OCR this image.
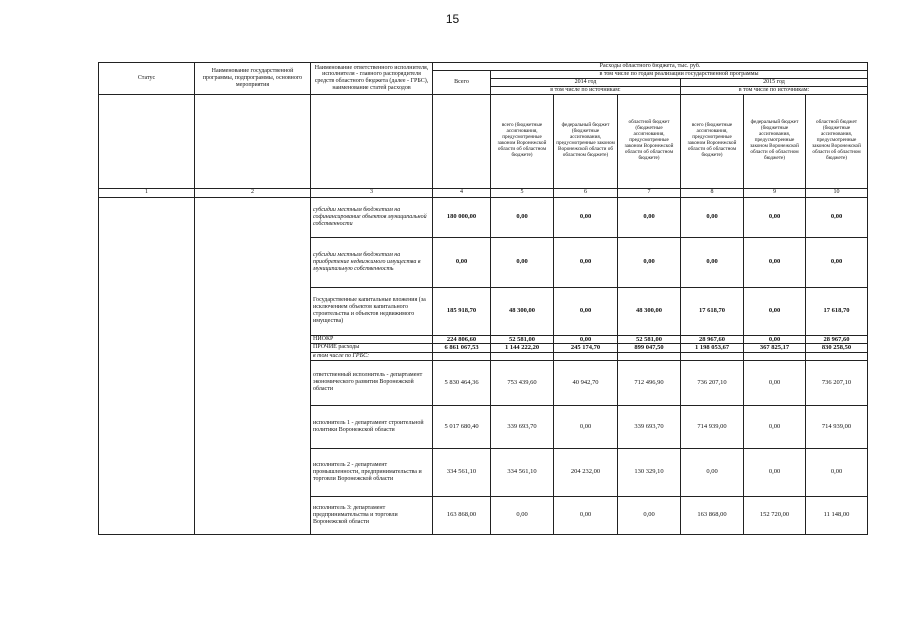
15
Статус	Наименование государственной программы, подпрограммы, основного мероприятия	Наименование ответственного исполнителя, исполнителя - главного распорядителя средств областного бюджета (далее - ГРБС), наименование статей расходов	Расходы областного бюджета, тыс. руб.						
			Всего	в том числе по годам реализации государственной программы					
				2014 год			2015 год		
				в том числе по источникам:			в том числе по источникам:		
				всего (бюджетные ассигнования, предусмотренные законом Воронежской области об областном бюджете)	федеральный бюджет (бюджетные ассигнования, предусмотренные законом Воронежской области об областном бюджете)	областной бюджет (бюджетные ассигнования, предусмотренные законом Воронежской области об областном бюджете)	всего (бюджетные ассигнования, предусмотренные законом Воронежской области об областном бюджете)	федеральный бюджет (бюджетные ассигнования, предусмотренные законом Воронежской области об областном бюджете)	областной бюджет (бюджетные ассигнования, предусмотренные законом Воронежской области об областном бюджете)
1	2	3	4	5	6	7	8	9	10
		субсидии местным бюджетам на софинансирование объектов муниципальной собственности	180 000,00	0,00	0,00	0,00	0,00	0,00	0,00
		субсидии местным бюджетам на приобретение недвижимого имущества в муниципальную собственность	0,00	0,00	0,00	0,00	0,00	0,00	0,00
		Государственные капитальные вложения (за исключением объектов капитального строительства и объектов недвижимого имущества)	185 918,70	48 300,00	0,00	48 300,00	17 618,70	0,00	17 618,70
		НИОКР	224 806,60	52 581,00	0,00	52 581,00	28 967,60	0,00	28 967,60
		ПРОЧИЕ расходы	6 861 067,53	1 144 222,20	245 174,70	899 047,50	1 198 053,67	367 825,17	830 258,50
		в том числе по ГРБС:							
		ответственный исполнитель - департамент экономического развития Воронежской области	5 830 464,36	753 439,60	40 942,70	712 496,90	736 207,10	0,00	736 207,10
		исполнитель 1 - департамент строительной политики Воронежской области	5 017 680,40	339 693,70	0,00	339 693,70	714 939,00	0,00	714 939,00
		исполнитель 2 - департамент промышленности, предпринимательства и торговли Воронежской области	334 561,10	334 561,10	204 232,00	130 329,10	0,00	0,00	0,00
		исполнитель 3: департамент предпринимательства и торговли Воронежской области	163 868,00	0,00	0,00	0,00	163 868,00	152 720,00	11 148,00
